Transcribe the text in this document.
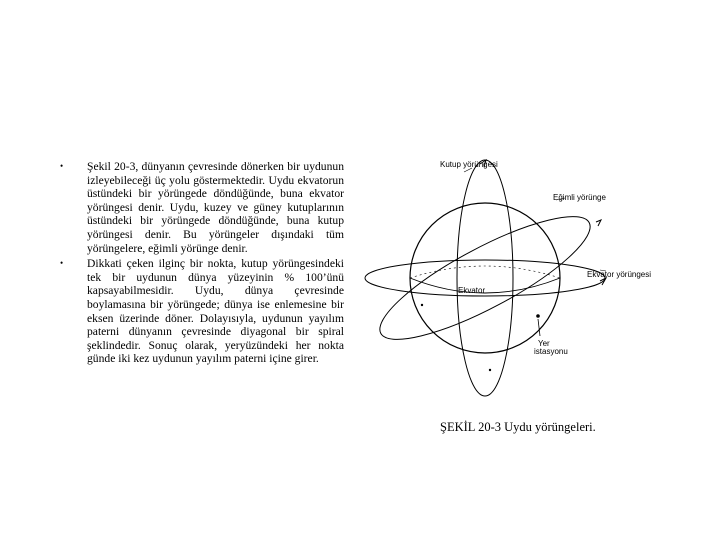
• Şekil 20-3, dünyanın çevresinde dönerken bir uydunun izleyebileceği üç yolu göstermektedir. Uydu ekvatorun üstündeki bir yörüngede döndüğünde, buna ekvator yörüngesi denir. Uydu, kuzey ve güney kutuplarının üstündeki bir yörüngede döndüğünde, buna kutup yörüngesi denir. Bu yörüngeler dışındaki tüm yörüngelere, eğimli yörünge denir.
• Dikkati çeken ilginç bir nokta, kutup yörüngesindeki tek bir uydunun dünya yüzeyinin % 100’ünü kapsayabilmesidir. Uydu, dünya çevresinde boylamasına bir yörüngede; dünya ise enlemesine bir eksen üzerinde döner. Dolayısıyla, uydunun yayılım paterni dünyanın çevresinde diyagonal bir spiral şeklindedir. Sonuç olarak, yeryüzündeki her nokta günde iki kez uydunun yayılım paterni içine girer.
Kutup yörüngesi
Eğimli yörünge
Ekvator yörüngesi
Ekvator
Yer
istasyonu
ŞEKİL 20-3 Uydu yörüngeleri.
